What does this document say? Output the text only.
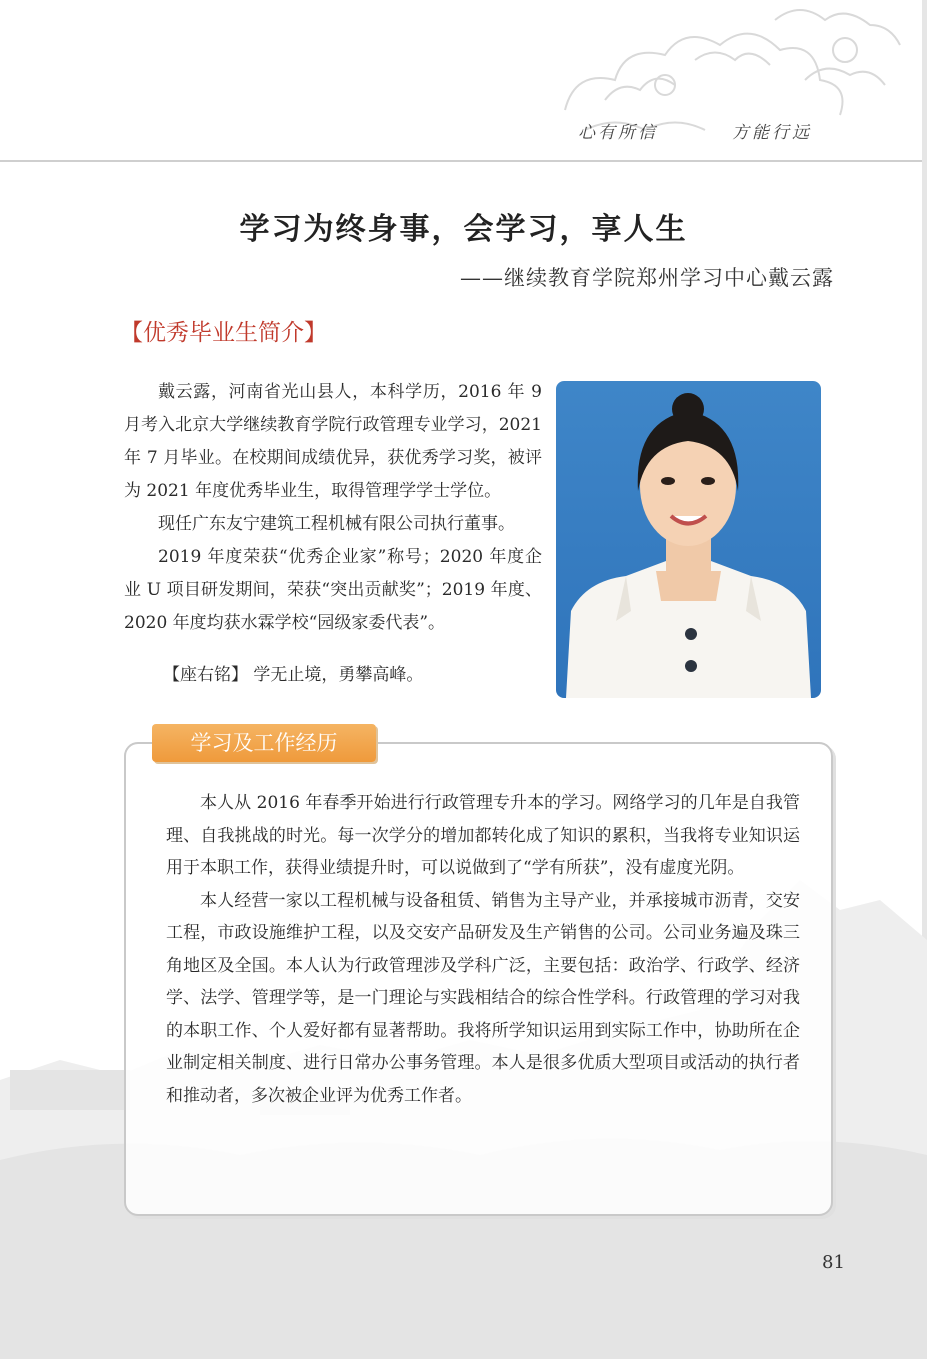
心有所信	方能行远
学习为终身事，会学习，享人生
——继续教育学院郑州学习中心戴云露
【优秀毕业生简介】

戴云露，河南省光山县人，本科学历，2016 年 9 月考入北京大学继续教育学院行政管理专业学习，2021 年 7 月毕业。在校期间成绩优异，获优秀学习奖，被评为 2021 年度优秀毕业生，取得管理学学士学位。

现任广东友宁建筑工程机械有限公司执行董事。

2019 年度荣获“优秀企业家”称号；2020 年度企业 U 项目研发期间，荣获“突出贡献奖”；2019 年度、2020 年度均获水霖学校“园级家委代表”。

【座右铭】 学无止境，勇攀高峰。
学习及工作经历

本人从 2016 年春季开始进行行政管理专升本的学习。网络学习的几年是自我管理、自我挑战的时光。每一次学分的增加都转化成了知识的累积，当我将专业知识运用于本职工作，获得业绩提升时，可以说做到了“学有所获”，没有虚度光阴。

本人经营一家以工程机械与设备租赁、销售为主导产业，并承接城市沥青，交安工程，市政设施维护工程，以及交安产品研发及生产销售的公司。公司业务遍及珠三角地区及全国。本人认为行政管理涉及学科广泛，主要包括：政治学、行政学、经济学、法学、管理学等，是一门理论与实践相结合的综合性学科。行政管理的学习对我的本职工作、个人爱好都有显著帮助。我将所学知识运用到实际工作中，协助所在企业制定相关制度、进行日常办公事务管理。本人是很多优质大型项目或活动的执行者和推动者，多次被企业评为优秀工作者。

81
